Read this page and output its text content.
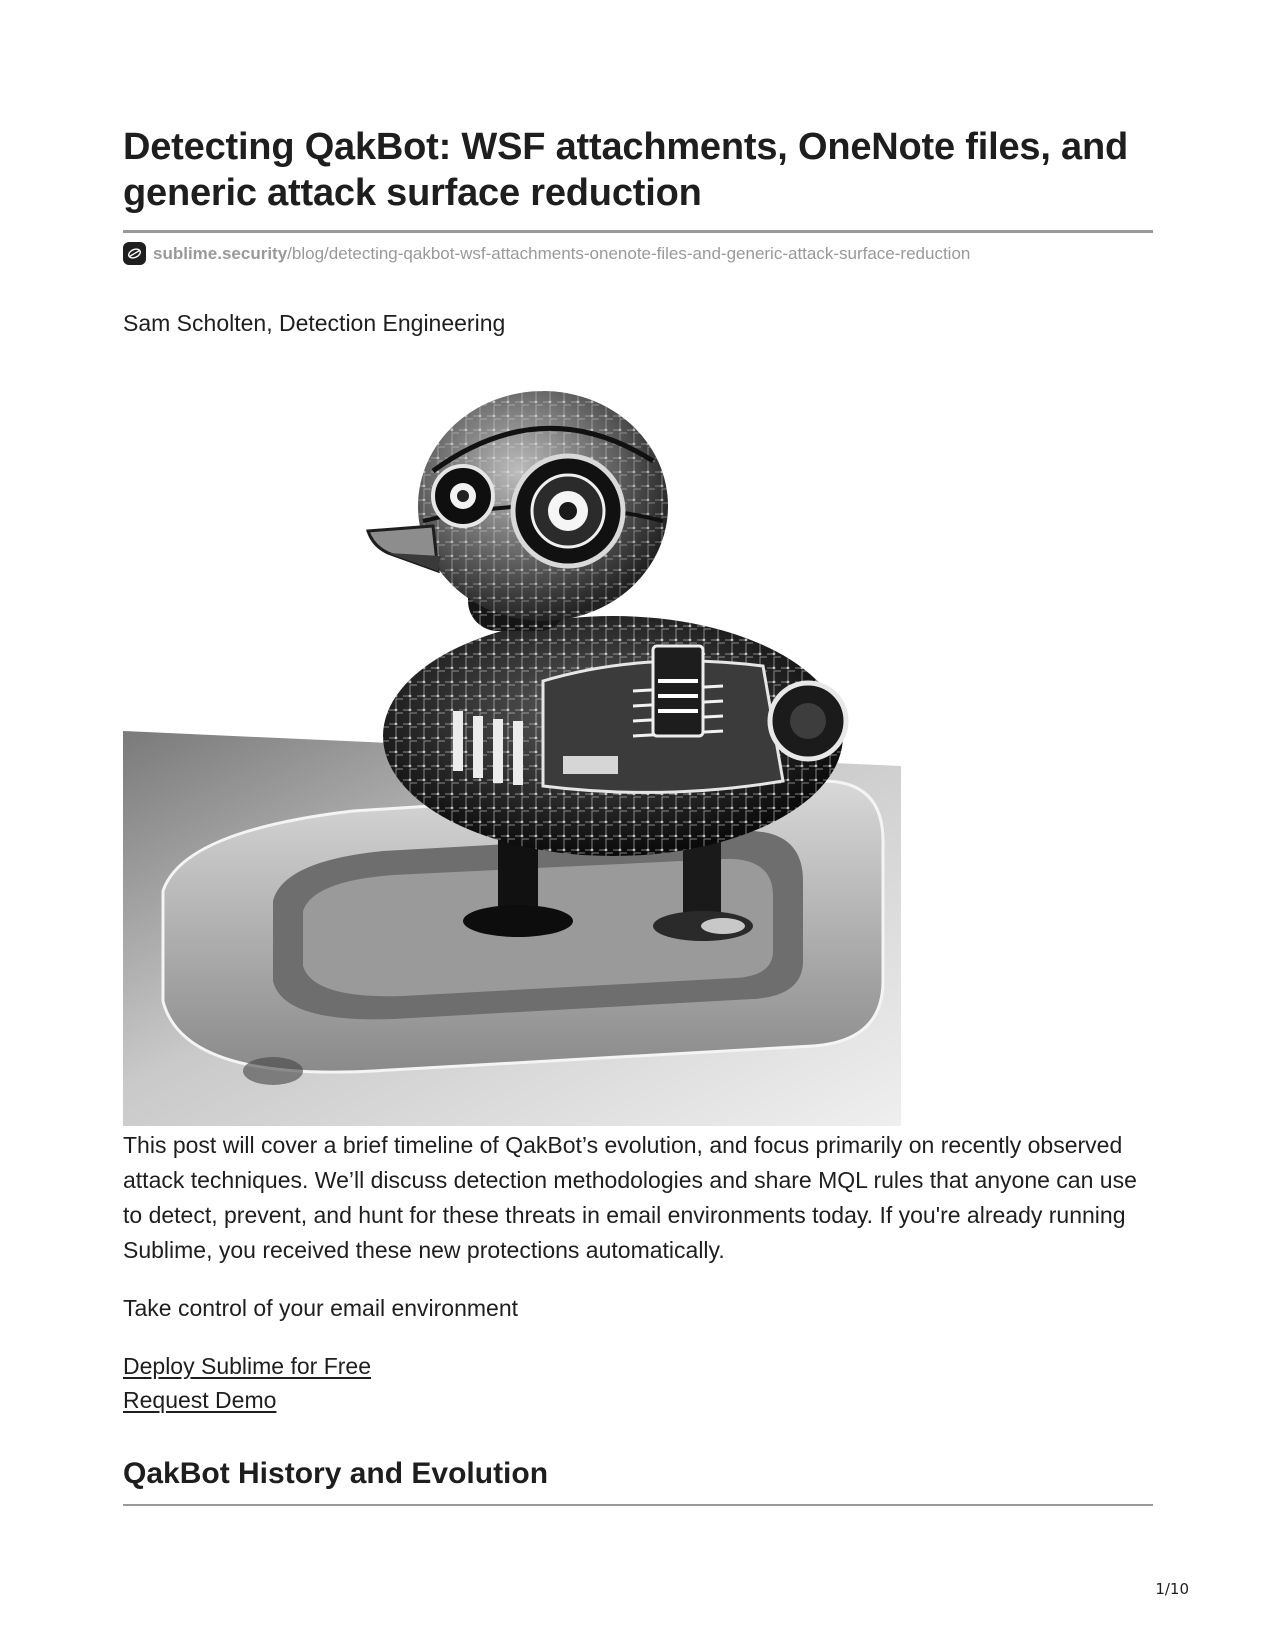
Detecting QakBot: WSF attachments, OneNote files, and generic attack surface reduction
sublime.security /blog/detecting-qakbot-wsf-attachments-onenote-files-and-generic-attack-surface-reduction
Sam Scholten, Detection Engineering

This post will cover a brief timeline of QakBot’s evolution, and focus primarily on recently observed attack techniques. We’ll discuss detection methodologies and share MQL rules that anyone can use to detect, prevent, and hunt for these threats in email environments today. If you're already running Sublime, you received these new protections automatically.

Take control of your email environment

Deploy Sublime for Free
Request Demo
QakBot History and Evolution
1/10
